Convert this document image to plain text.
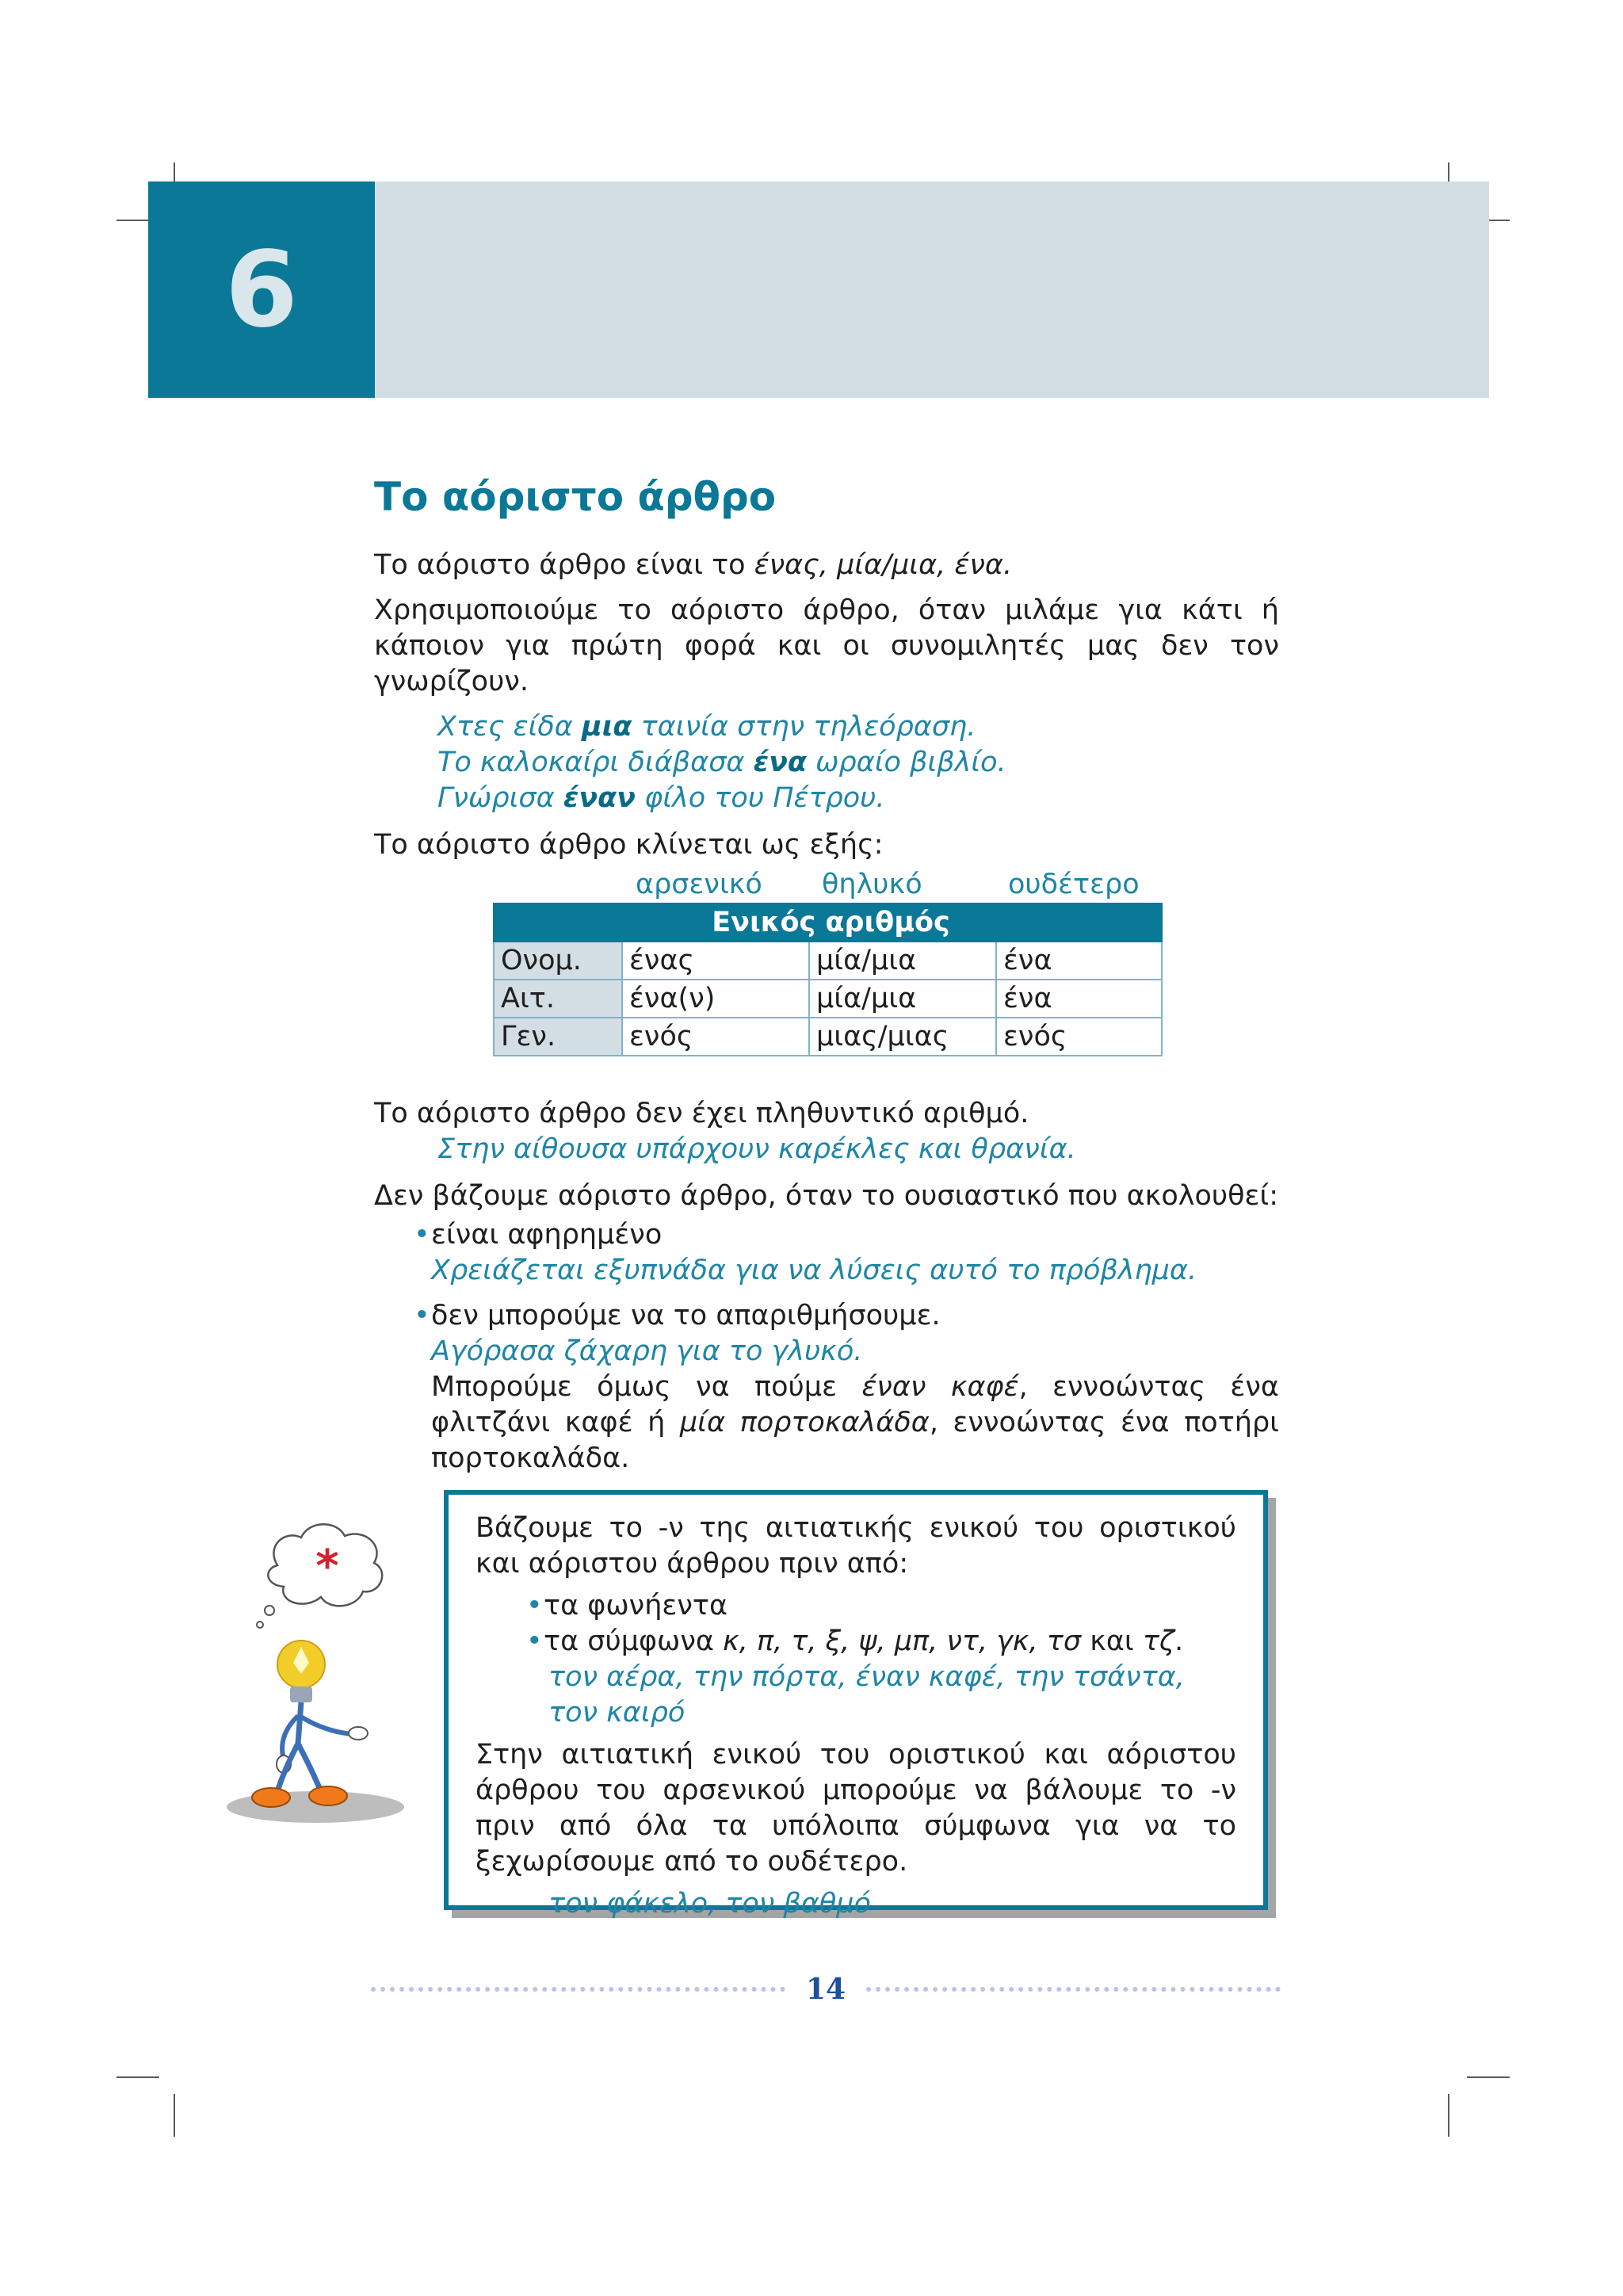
6
Το αόριστο άρθρο
Το αόριστο άρθρο είναι το ένας, μία/μια, ένα.
Χρησιμοποιούμε το αόριστο άρθρο, όταν μιλάμε για κάτι ή κάποιον για πρώτη φορά και οι συνομιλητές μας δεν τον γνωρίζουν.
Χτες είδα μια ταινία στην τηλεόραση.
Το καλοκαίρι διάβασα ένα ωραίο βιβλίο.
Γνώρισα έναν φίλο του Πέτρου.
Το αόριστο άρθρο κλίνεται ως εξής:
αρσενικό	θηλυκό	ουδέτερο
Ενικός αριθμός			
Ονομ.	ένας	μία/μια	ένα
Αιτ.	ένα(ν)	μία/μια	ένα
Γεν.	ενός	μιας/μιας	ενός
Το αόριστο άρθρο δεν έχει πληθυντικό αριθμό.
Στην αίθουσα υπάρχουν καρέκλες και θρανία.
Δεν βάζουμε αόριστο άρθρο, όταν το ουσιαστικό που ακολουθεί:
• είναι αφηρημένο
Χρειάζεται εξυπνάδα για να λύσεις αυτό το πρόβλημα.
• δεν μπορούμε να το απαριθμήσουμε.
Αγόρασα ζάχαρη για το γλυκό.
Μπορούμε όμως να πούμε έναν καφέ, εννοώντας ένα φλιτζάνι καφέ ή μία πορτοκαλάδα, εννοώντας ένα ποτήρι πορτοκαλάδα.
*
Βάζουμε το -ν της αιτιατικής ενικού του οριστικού και αόριστου άρθρου πριν από:
• τα φωνήεντα
• τα σύμφωνα κ, π, τ, ξ, ψ, μπ, ντ, γκ, τσ και τζ.
τον αέρα, την πόρτα, έναν καφέ, την τσάντα, τον καιρό
Στην αιτιατική ενικού του οριστικού και αόριστου άρθρου του αρσενικού μπορούμε να βάλουμε το -ν πριν από όλα τα υπόλοιπα σύμφωνα για να το ξεχωρίσουμε από το ουδέτερο.
τον φάκελο, τον βαθμό
14
